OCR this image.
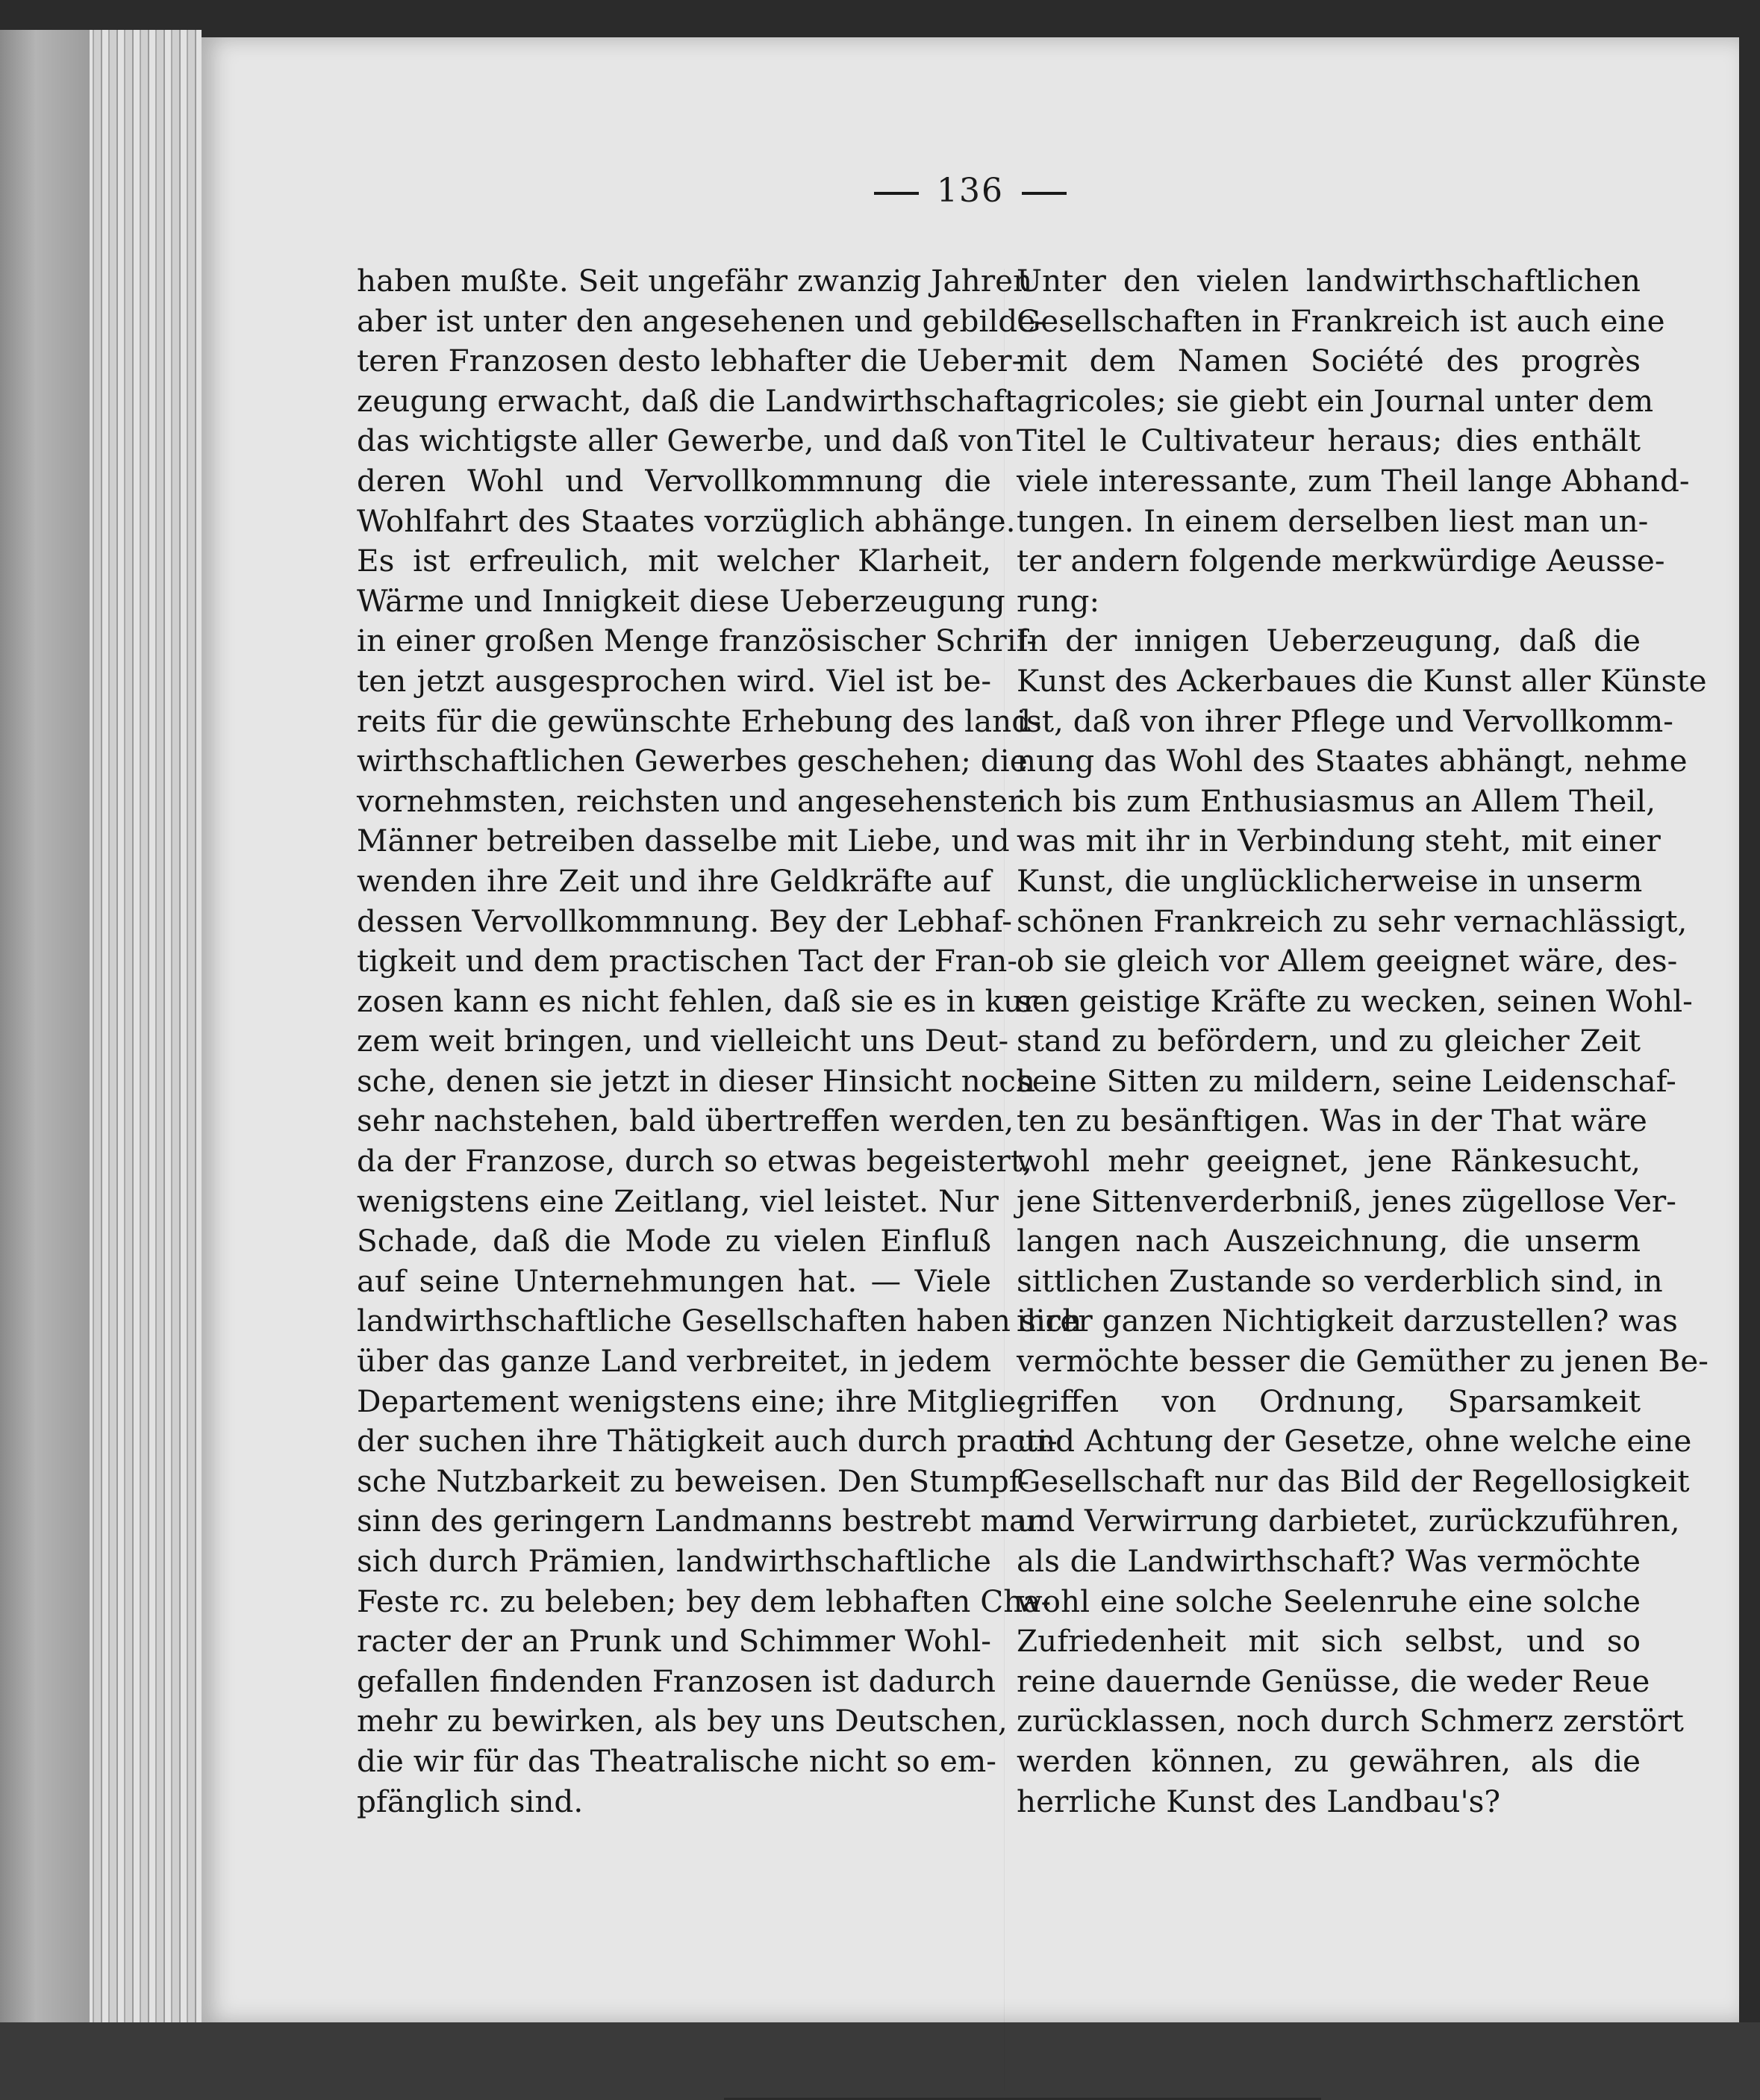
136
haben mußte. Seit ungefähr zwanzig Jahren
aber ist unter den angesehenen und gebilde-
teren Franzosen desto lebhafter die Ueber-
zeugung erwacht, daß die Landwirthschaft
das wichtigste aller Gewerbe, und daß von
deren Wohl und Vervollkommnung die
Wohlfahrt des Staates vorzüglich abhänge.
Es ist erfreulich, mit welcher Klarheit,
Wärme und Innigkeit diese Ueberzeugung
in einer großen Menge französischer Schrif-
ten jetzt ausgesprochen wird. Viel ist be-
reits für die gewünschte Erhebung des land-
wirthschaftlichen Gewerbes geschehen; die
vornehmsten, reichsten und angesehensten
Männer betreiben dasselbe mit Liebe, und
wenden ihre Zeit und ihre Geldkräfte auf
dessen Vervollkommnung. Bey der Lebhaf-
tigkeit und dem practischen Tact der Fran-
zosen kann es nicht fehlen, daß sie es in kur-
zem weit bringen, und vielleicht uns Deut-
sche, denen sie jetzt in dieser Hinsicht noch
sehr nachstehen, bald übertreffen werden,
da der Franzose, durch so etwas begeistert,
wenigstens eine Zeitlang, viel leistet. Nur
Schade, daß die Mode zu vielen Einfluß
auf seine Unternehmungen hat. — Viele
landwirthschaftliche Gesellschaften haben sich
über das ganze Land verbreitet, in jedem
Departement wenigstens eine; ihre Mitglie-
der suchen ihre Thätigkeit auch durch practi-
sche Nutzbarkeit zu beweisen. Den Stumpf-
sinn des geringern Landmanns bestrebt man
sich durch Prämien, landwirthschaftliche
Feste rc. zu beleben; bey dem lebhaften Cha-
racter der an Prunk und Schimmer Wohl-
gefallen findenden Franzosen ist dadurch
mehr zu bewirken, als bey uns Deutschen,
die wir für das Theatralische nicht so em-
pfänglich sind.
Unter den vielen landwirthschaftlichen
Gesellschaften in Frankreich ist auch eine
mit dem Namen Société des progrès
agricoles; sie giebt ein Journal unter dem
Titel le Cultivateur heraus; dies enthält
viele interessante, zum Theil lange Abhand-
tungen. In einem derselben liest man un-
ter andern folgende merkwürdige Aeusse-
rung:
In der innigen Ueberzeugung, daß die
Kunst des Ackerbaues die Kunst aller Künste
ist, daß von ihrer Pflege und Vervollkomm-
nung das Wohl des Staates abhängt, nehme
ich bis zum Enthusiasmus an Allem Theil,
was mit ihr in Verbindung steht, mit einer
Kunst, die unglücklicherweise in unserm
schönen Frankreich zu sehr vernachlässigt,
ob sie gleich vor Allem geeignet wäre, des-
sen geistige Kräfte zu wecken, seinen Wohl-
stand zu befördern, und zu gleicher Zeit
seine Sitten zu mildern, seine Leidenschaf-
ten zu besänftigen. Was in der That wäre
wohl mehr geeignet, jene Ränkesucht,
jene Sittenverderbniß, jenes zügellose Ver-
langen nach Auszeichnung, die unserm
sittlichen Zustande so verderblich sind, in
ihrer ganzen Nichtigkeit darzustellen? was
vermöchte besser die Gemüther zu jenen Be-
griffen von Ordnung, Sparsamkeit
und Achtung der Gesetze, ohne welche eine
Gesellschaft nur das Bild der Regellosigkeit
und Verwirrung darbietet, zurückzuführen,
als die Landwirthschaft? Was vermöchte
wohl eine solche Seelenruhe eine solche
Zufriedenheit mit sich selbst, und so
reine dauernde Genüsse, die weder Reue
zurücklassen, noch durch Schmerz zerstört
werden können, zu gewähren, als die
herrliche Kunst des Landbau's?
